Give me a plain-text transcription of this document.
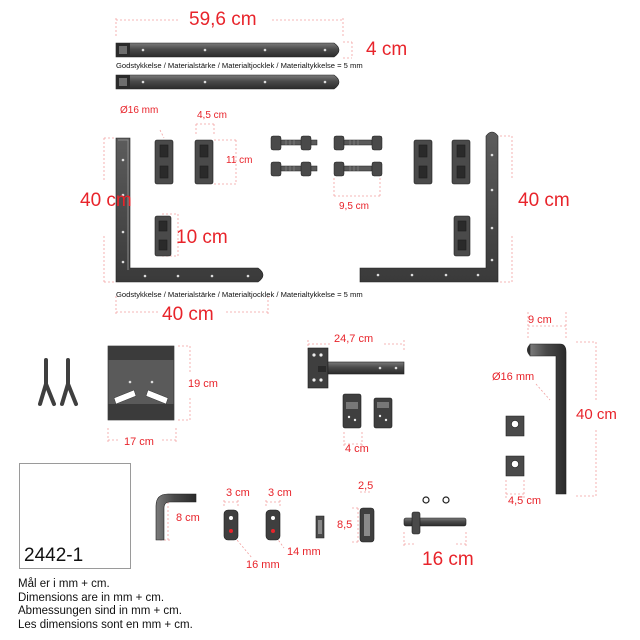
2442-1
59,6 cm
4 cm
Godstykkelse / Materialstärke / Materialtjocklek / Materialtykkelse = 5 mm
Ø16 mm	4,5 cm
11 cm
9,5 cm
40 cm	40 cm
10 cm
Godstykkelse / Materialstärke / Materialtjocklek / Materialtykkelse = 5 mm
40 cm
24,7 cm
9 cm
Ø16 mm
40 cm
19 cm
17 cm
4 cm
4,5 cm
8 cm
3 cm 3 cm
16 mm
14 mm
2,5
8,5
16 cm
Mål er i mm + cm.
Dimensions are in mm + cm.
Abmessungen sind in mm + cm.
Les dimensions sont en mm + cm.
